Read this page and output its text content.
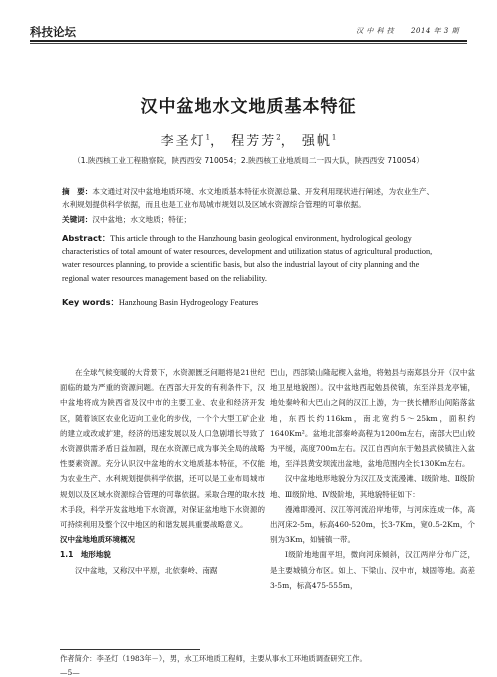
科技论坛	汉 中 科 技 2014 年 3 期
汉中盆地水文地质基本特征
李圣灯$^1$， 程芳芳$^2$， 强帆$^1$
（1.陕西核工业工程勘察院，陕西西安 710054；2.陕西核工业地质局二一四大队，陕西西安 710054）
摘　要：本文通过对汉中盆地地质环境、水文地质基本特征水资源总量、开发利用现状进行阐述，为农业生产、水利规划提供科学依据，而且也是工业布局城市规划以及区域水资源综合管理的可靠依据。
关键词：汉中盆地；水文地质；特征；
Abstract：This article through to the Hanzhoung basin geological environment, hydrological geology characteristics of total amount of water resources, development and utilization status of agricultural production, water resources planning, to provide a scientific basis, but also the industrial layout of city planning and the regional water resources management based on the reliability.
Key words：Hanzhoung Basin Hydrogeology Features

在全球气候变暖的大背景下，水资源匮乏问题将是21世纪面临的最为严重的资源问题。在西部大开发的有利条件下，汉中盆地将成为陕西省及汉中市的主要工业、农业和经济开发区，随着该区农业化迈向工业化的步伐，一个个大型工矿企业的建立或改或扩建，经济的迅速发展以及人口急剧增长导致了水资源供需矛盾日益加剧，现在水资源已成为事关全局的战略性要素资源。充分认识汉中盆地的水文地质基本特征，不仅能为农业生产、水利规划提供科学依据，还可以是工业布局城市规划以及区域水资源综合管理的可靠依据。采取合理的取水技术手段，科学开发盆地地下水资源，对保证盆地地下水资源的可持续利用及整个汉中地区的和谐发展具重要战略意义。

汉中盆地地质环境概况

1.1　地形地貌

汉中盆地，又称汉中平原，北依秦岭、南踞

巴山，西部梁山隆起楔入盆地，将勉县与南郑县分开（汉中盆地卫星地貌图）。汉中盆地西起勉县侯镇，东至洋县龙亭铺，地处秦岭和大巴山之间的汉江上游，为一狭长槽形山间陷落盆地，东西长约116km，南北宽约5～25km，面积约1640Km²。盆地北部秦岭高程为1200m左右，南部大巴山较为平缓，高度700m左右。汉江自西向东于勉县武侯镇注入盆地，至洋县黄安坝流出盆地，盆地范围内全长130Km左右。

汉中盆地地形地貌分为汉江及支流漫滩、Ⅰ级阶地、Ⅱ级阶地、Ⅲ级阶地、Ⅳ级阶地，其地貌特征如下：

漫滩即漫河、汉江等河流沿岸地带，与河床连成一体，高出河床2-5m，标高460-520m，长3-7Km，宽0.5-2Km，个别为3Km，如铺镇一带。

Ⅰ级阶地地面平坦，微向河床倾斜，汉江两岸分布广泛，是主要城镇分布区。如上、下梁山、汉中市，城固等地。高差3-5m，标高475-555m，

作者简介：李圣灯（1983年－），男，水工环地质工程师，主要从事水工环地质调查研究工作。
—5—
